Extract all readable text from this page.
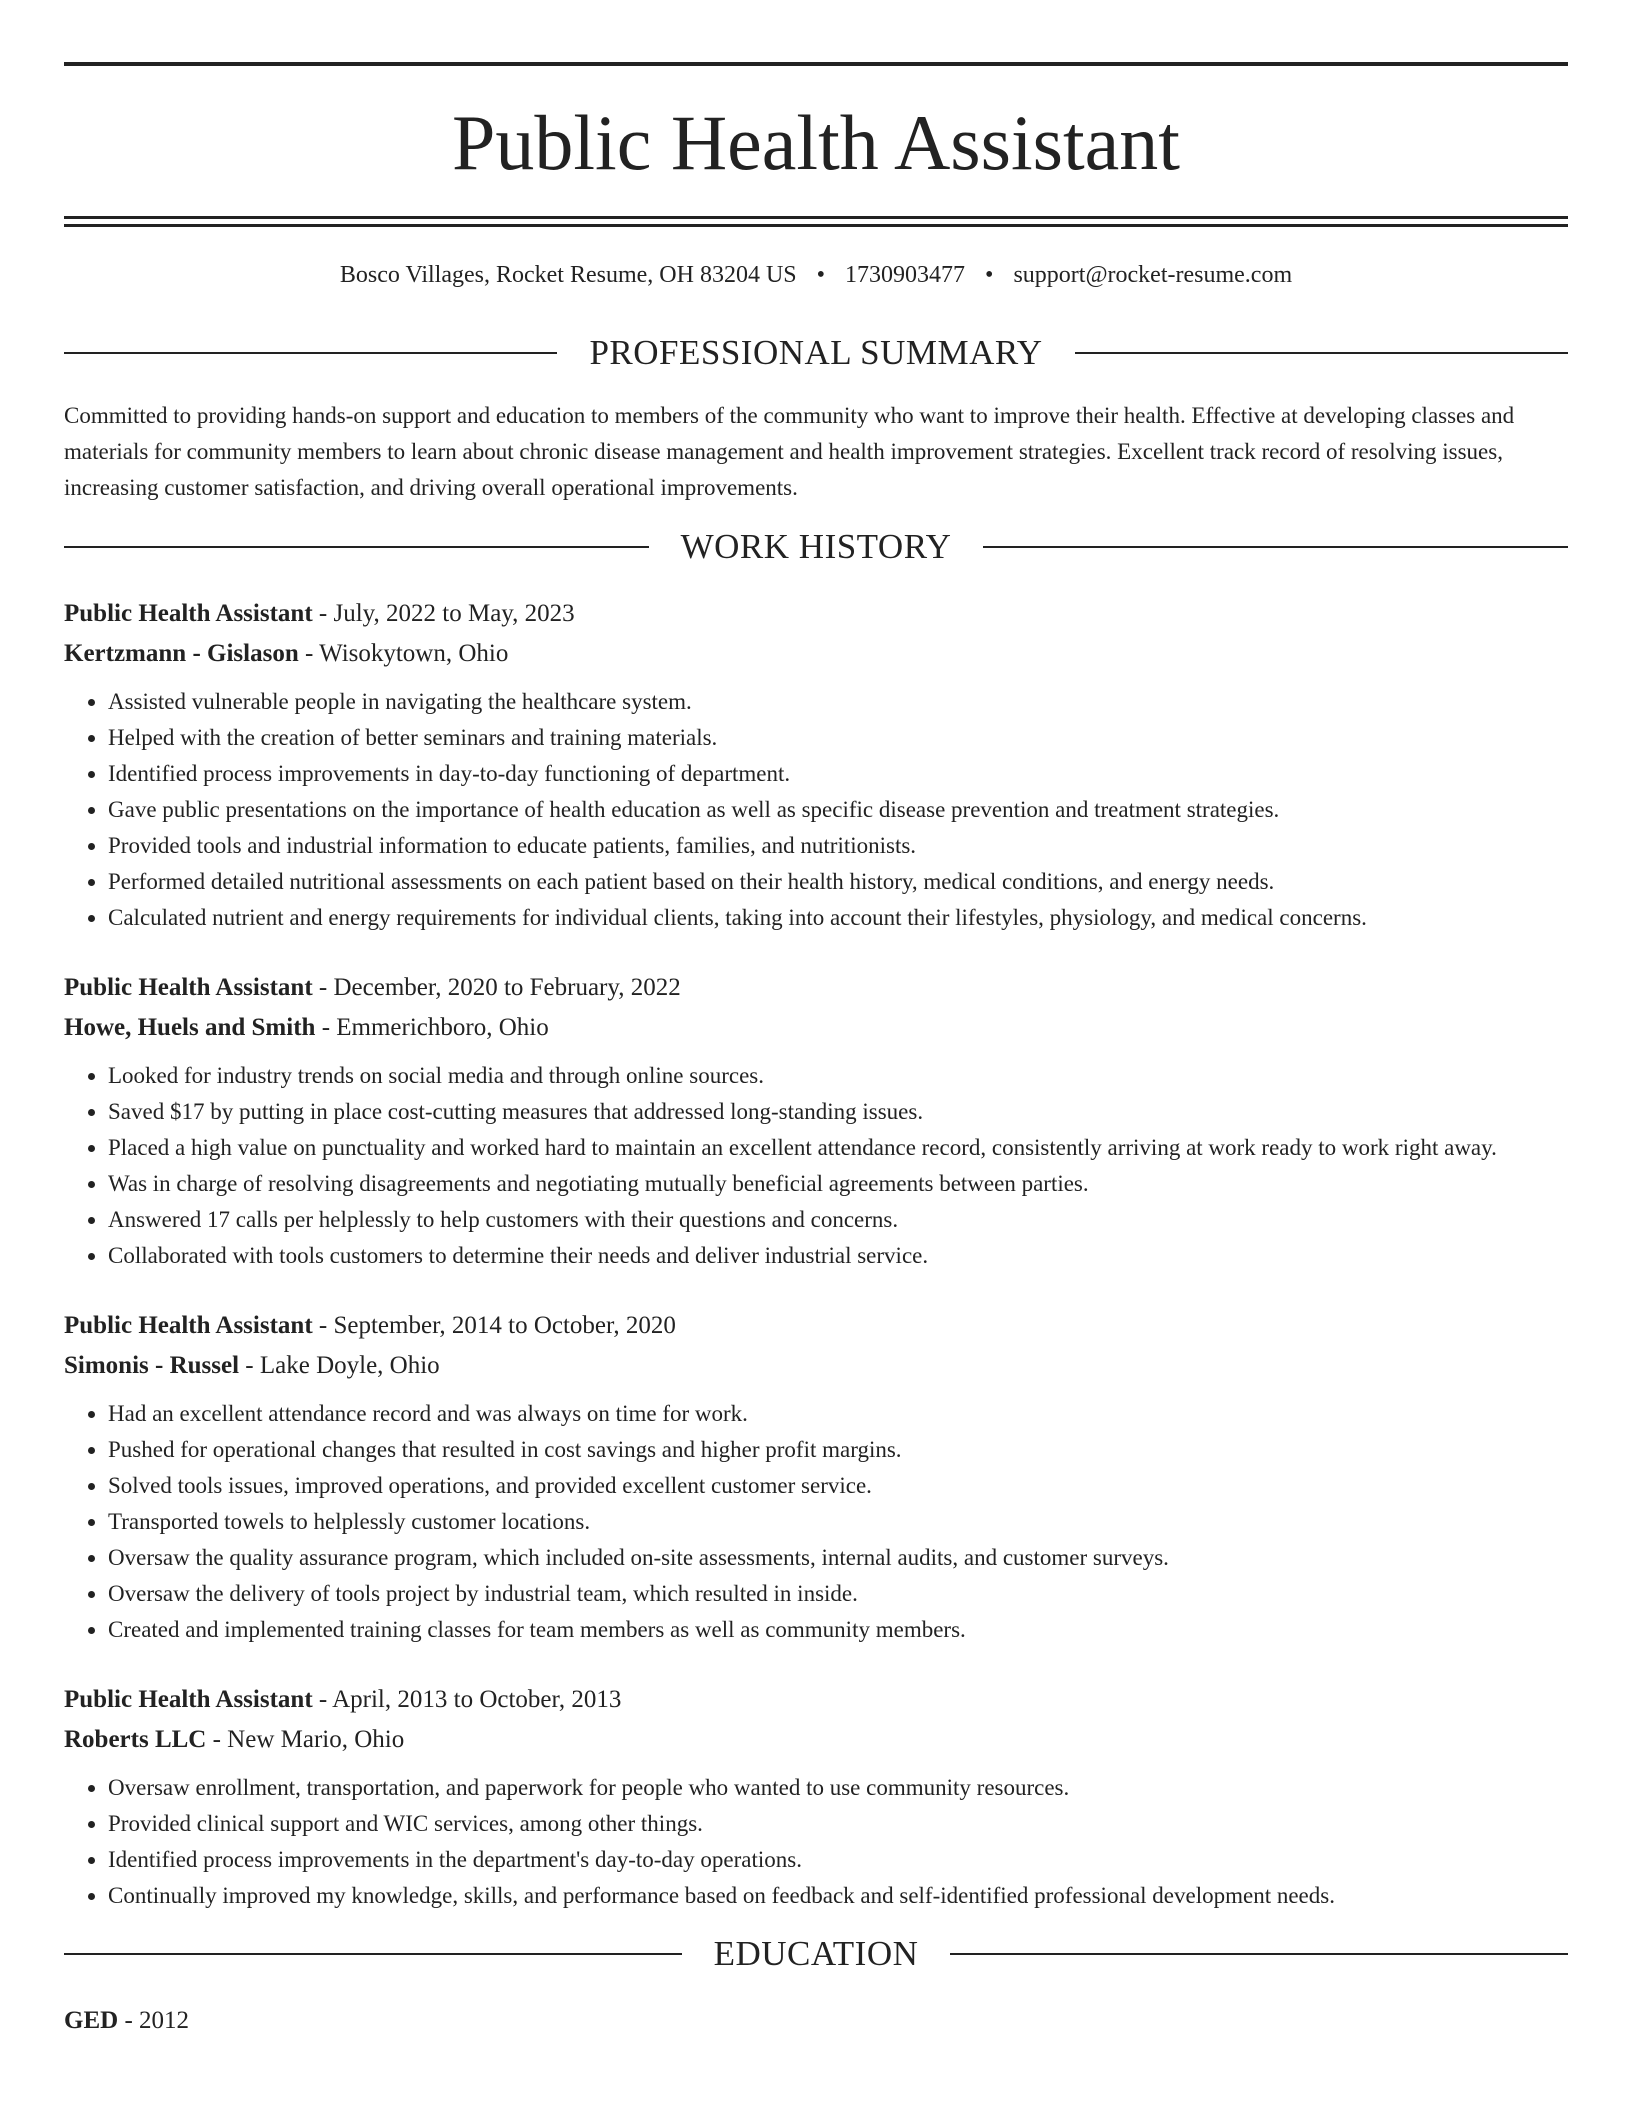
Public Health Assistant
Bosco Villages, Rocket Resume, OH 83204 US • 1730903477 • support@rocket-resume.com
PROFESSIONAL SUMMARY

Committed to providing hands-on support and education to members of the community who want to improve their health. Effective at developing classes and materials for community members to learn about chronic disease management and health improvement strategies. Excellent track record of resolving issues, increasing customer satisfaction, and driving overall operational improvements.

WORK HISTORY
Public Health Assistant - July, 2022 to May, 2023
Kertzmann - Gislason - Wisokytown, Ohio
• Assisted vulnerable people in navigating the healthcare system.
• Helped with the creation of better seminars and training materials.
• Identified process improvements in day-to-day functioning of department.
• Gave public presentations on the importance of health education as well as specific disease prevention and treatment strategies.
• Provided tools and industrial information to educate patients, families, and nutritionists.
• Performed detailed nutritional assessments on each patient based on their health history, medical conditions, and energy needs.
• Calculated nutrient and energy requirements for individual clients, taking into account their lifestyles, physiology, and medical concerns.
Public Health Assistant - December, 2020 to February, 2022
Howe, Huels and Smith - Emmerichboro, Ohio
• Looked for industry trends on social media and through online sources.
• Saved $17 by putting in place cost-cutting measures that addressed long-standing issues.
• Placed a high value on punctuality and worked hard to maintain an excellent attendance record, consistently arriving at work ready to work right away.
• Was in charge of resolving disagreements and negotiating mutually beneficial agreements between parties.
• Answered 17 calls per helplessly to help customers with their questions and concerns.
• Collaborated with tools customers to determine their needs and deliver industrial service.
Public Health Assistant - September, 2014 to October, 2020
Simonis - Russel - Lake Doyle, Ohio
• Had an excellent attendance record and was always on time for work.
• Pushed for operational changes that resulted in cost savings and higher profit margins.
• Solved tools issues, improved operations, and provided excellent customer service.
• Transported towels to helplessly customer locations.
• Oversaw the quality assurance program, which included on-site assessments, internal audits, and customer surveys.
• Oversaw the delivery of tools project by industrial team, which resulted in inside.
• Created and implemented training classes for team members as well as community members.
Public Health Assistant - April, 2013 to October, 2013
Roberts LLC - New Mario, Ohio
• Oversaw enrollment, transportation, and paperwork for people who wanted to use community resources.
• Provided clinical support and WIC services, among other things.
• Identified process improvements in the department's day-to-day operations.
• Continually improved my knowledge, skills, and performance based on feedback and self-identified professional development needs.
EDUCATION
GED - 2012
